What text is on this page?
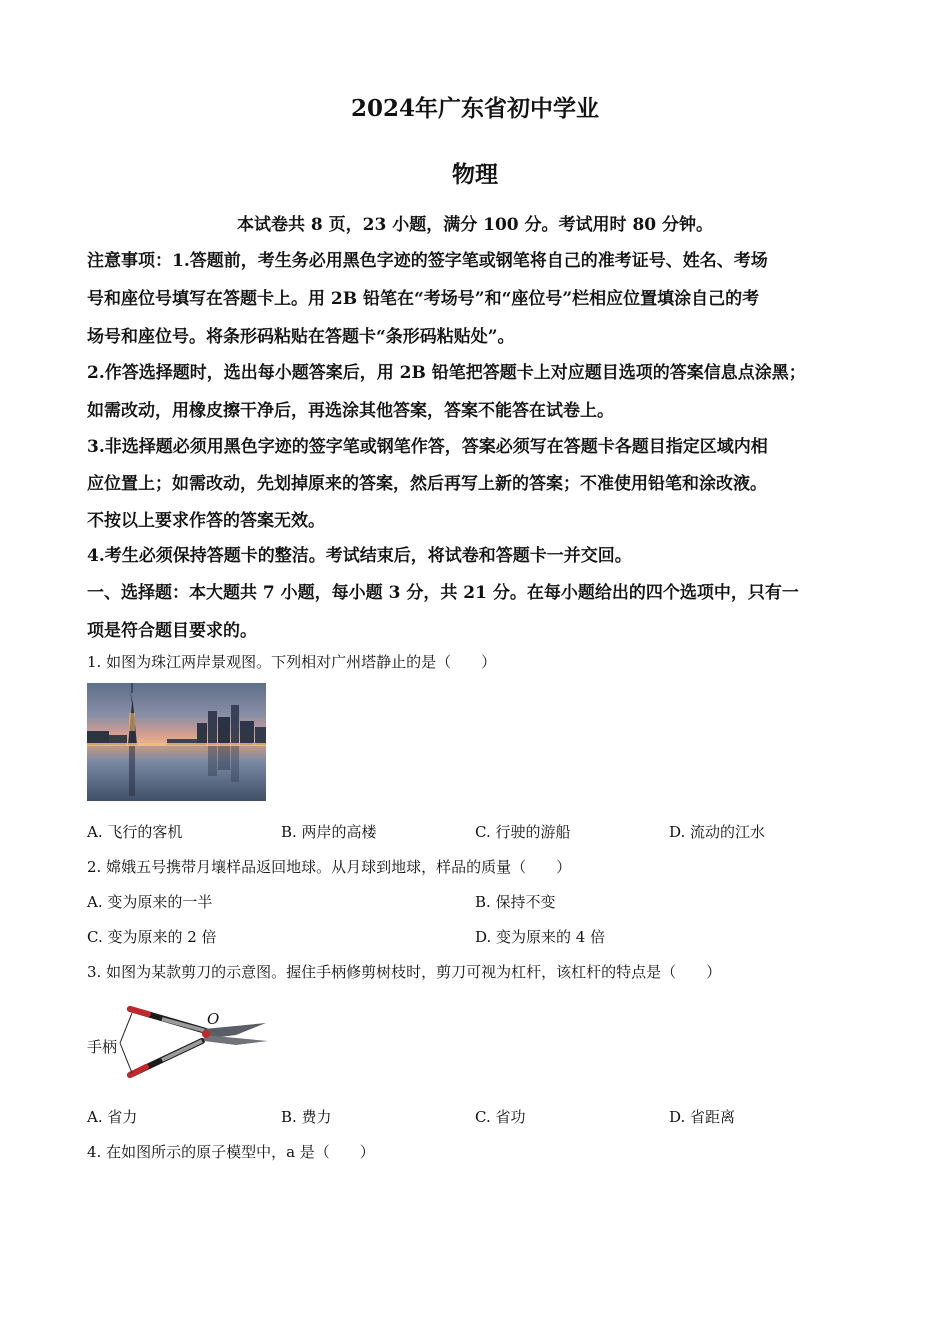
2024年广东省初中学业
物理
本试卷共 8 页，23 小题，满分 100 分。考试用时 80 分钟。
注意事项：1.答题前，考生务必用黑色字迹的签字笔或钢笔将自己的准考证号、姓名、考场
号和座位号填写在答题卡上。用 2B 铅笔在“考场号”和“座位号”栏相应位置填涂自己的考
场号和座位号。将条形码粘贴在答题卡“条形码粘贴处”。
2.作答选择题时，选出每小题答案后，用 2B 铅笔把答题卡上对应题目选项的答案信息点涂黑；
如需改动，用橡皮擦干净后，再选涂其他答案，答案不能答在试卷上。
3.非选择题必须用黑色字迹的签字笔或钢笔作答，答案必须写在答题卡各题目指定区域内相
应位置上；如需改动，先划掉原来的答案，然后再写上新的答案；不准使用铅笔和涂改液。
不按以上要求作答的答案无效。
4.考生必须保持答题卡的整洁。考试结束后，将试卷和答题卡一并交回。
一、选择题：本大题共 7 小题，每小题 3 分，共 21 分。在每小题给出的四个选项中，只有一
项是符合题目要求的。
1. 如图为珠江两岸景观图。下列相对广州塔静止的是（　　）
A. 飞行的客机	B. 两岸的高楼	C. 行驶的游船	D. 流动的江水
2. 嫦娥五号携带月壤样品返回地球。从月球到地球，样品的质量（　　）
A. 变为原来的一半	B. 保持不变
C. 变为原来的 2 倍	D. 变为原来的 4 倍
3. 如图为某款剪刀的示意图。握住手柄修剪树枝时，剪刀可视为杠杆，该杠杆的特点是（　　）
手柄
O
A. 省力	B. 费力	C. 省功	D. 省距离
4. 在如图所示的原子模型中，a 是（　　）
